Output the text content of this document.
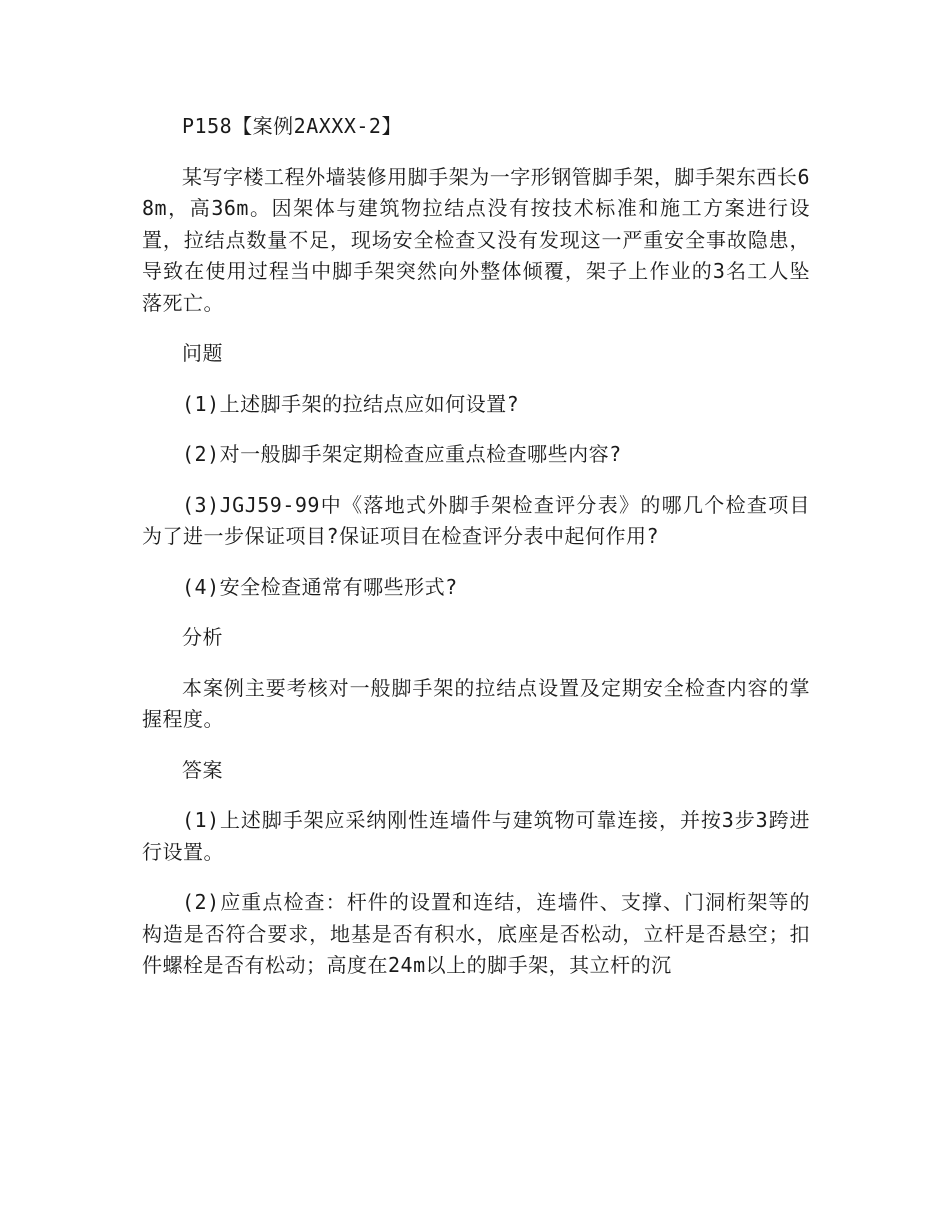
P158【案例2AXXX-2】

某写字楼工程外墙装修用脚手架为一字形钢管脚手架，脚手架东西长68m，高36m。因架体与建筑物拉结点没有按技术标准和施工方案进行设置，拉结点数量不足，现场安全检查又没有发现这一严重安全事故隐患，导致在使用过程当中脚手架突然向外整体倾覆，架子上作业的3名工人坠落死亡。

问题

(1)上述脚手架的拉结点应如何设置?

(2)对一般脚手架定期检查应重点检查哪些内容?

(3)JGJ59-99中《落地式外脚手架检查评分表》的哪几个检查项目为了进一步保证项目?保证项目在检查评分表中起何作用?

(4)安全检查通常有哪些形式?

分析

本案例主要考核对一般脚手架的拉结点设置及定期安全检查内容的掌握程度。

答案

(1)上述脚手架应采纳刚性连墙件与建筑物可靠连接，并按3步3跨进行设置。

(2)应重点检查：杆件的设置和连结，连墙件、支撑、门洞桁架等的构造是否符合要求，地基是否有积水，底座是否松动，立杆是否悬空；扣件螺栓是否有松动；高度在24m以上的脚手架，其立杆的沉
